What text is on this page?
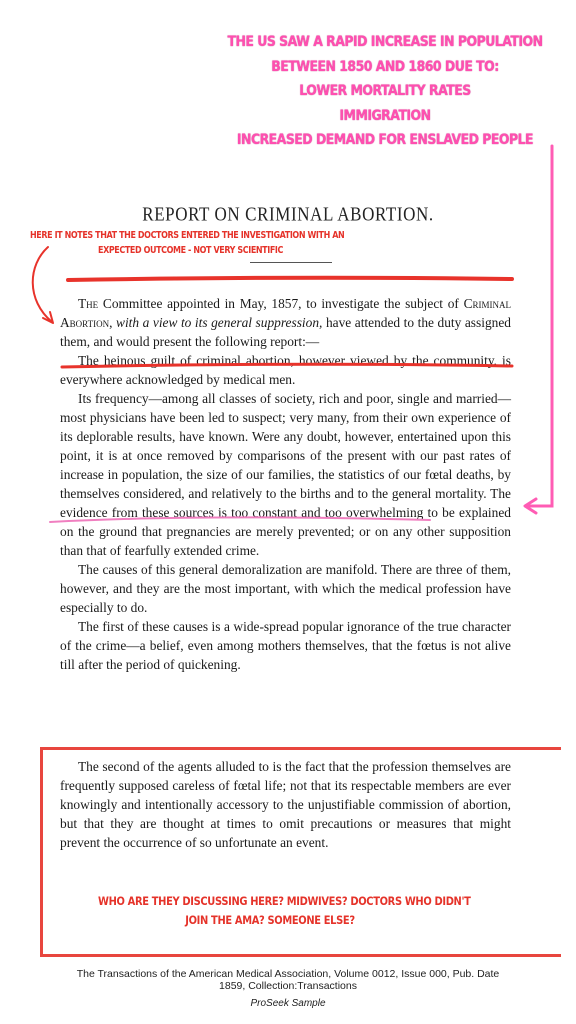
THE US SAW A RAPID INCREASE IN POPULATION
BETWEEN 1850 AND 1860 DUE TO:
LOWER MORTALITY RATES
IMMIGRATION
INCREASED DEMAND FOR ENSLAVED PEOPLE
REPORT ON CRIMINAL ABORTION.
HERE IT NOTES THAT THE DOCTORS ENTERED THE INVESTIGATION WITH AN
EXPECTED OUTCOME - NOT VERY SCIENTIFIC

The Committee appointed in May, 1857, to investigate the subject of Criminal Abortion, with a view to its general suppression, have attended to the duty assigned them, and would present the following report:—

The heinous guilt of criminal abortion, however viewed by the community, is everywhere acknowledged by medical men.

Its frequency—among all classes of society, rich and poor, single and married—most physicians have been led to suspect; very many, from their own experience of its deplorable results, have known. Were any doubt, however, entertained upon this point, it is at once removed by comparisons of the present with our past rates of increase in population, the size of our families, the statistics of our fœtal deaths, by themselves considered, and relatively to the births and to the general mortality. The evidence from these sources is too constant and too overwhelming to be explained on the ground that pregnancies are merely prevented; or on any other supposition than that of fearfully extended crime.

The causes of this general demoralization are manifold. There are three of them, however, and they are the most important, with which the medical profession have especially to do.

The first of these causes is a wide-spread popular ignorance of the true character of the crime—a belief, even among mothers themselves, that the fœtus is not alive till after the period of quickening.

The second of the agents alluded to is the fact that the profession themselves are frequently supposed careless of fœtal life; not that its respectable members are ever knowingly and intentionally accessory to the unjustifiable commission of abortion, but that they are thought at times to omit precautions or measures that might prevent the occurrence of so unfortunate an event.

WHO ARE THEY DISCUSSING HERE? MIDWIVES? DOCTORS WHO DIDN'T
JOIN THE AMA? SOMEONE ELSE?
The Transactions of the American Medical Association, Volume 0012, Issue 000, Pub. Date
1859, Collection:Transactions
ProSeek Sample
